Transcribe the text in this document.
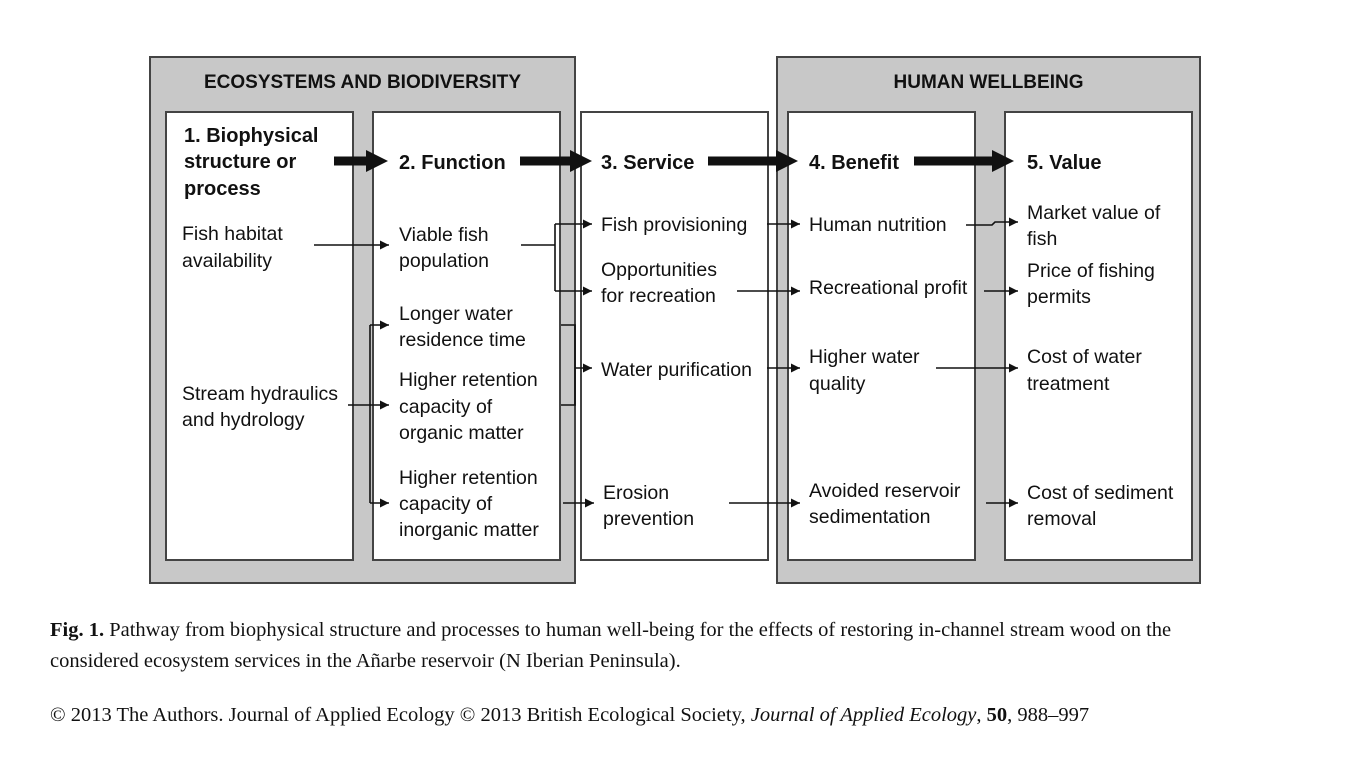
ECOSYSTEMS AND BIODIVERSITY	HUMAN WELLBEING
1. Biophysical
structure or
process
2. Function	3. Service	4. Benefit	5. Value
Fish habitat
availability
Stream hydraulics
and hydrology
Viable fish
population
Longer water
residence time
Higher retention
capacity of
organic matter
Higher retention
capacity of
inorganic matter
Fish provisioning
Opportunities
for recreation
Water purification
Erosion
prevention
Human nutrition
Recreational profit
Higher water
quality
Avoided reservoir
sedimentation
Market value of
fish
Price of fishing
permits
Cost of water
treatment
Cost of sediment
removal
Fig. 1. Pathway from biophysical structure and processes to human well-being for the effects of restoring in-channel stream wood on the
considered ecosystem services in the Añarbe reservoir (N Iberian Peninsula).
© 2013 The Authors. Journal of Applied Ecology © 2013 British Ecological Society, Journal of Applied Ecology, 50, 988–997
